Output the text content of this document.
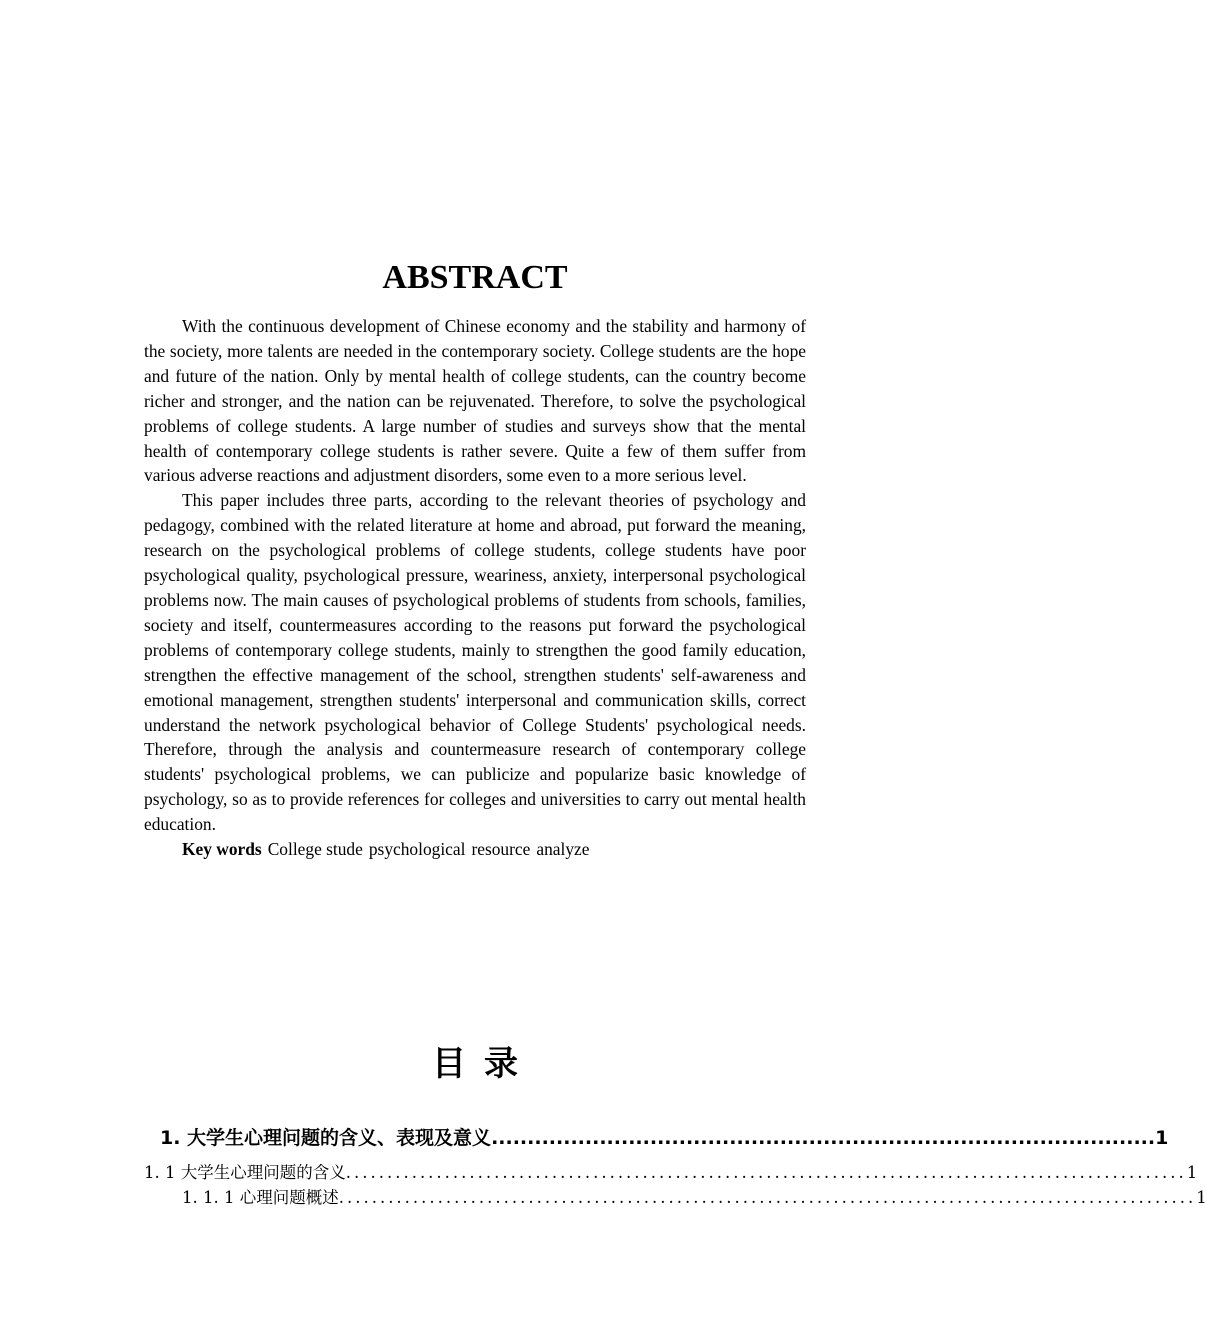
ABSTRACT

With the continuous development of Chinese economy and the stability and harmony of the society, more talents are needed in the contemporary society. College students are the hope and future of the nation. Only by mental health of college students, can the country become richer and stronger, and the nation can be rejuvenated. Therefore, to solve the psychological problems of college students. A large number of studies and surveys show that the mental health of contemporary college students is rather severe. Quite a few of them suffer from various adverse reactions and adjustment disorders, some even to a more serious level.

This paper includes three parts, according to the relevant theories of psychology and pedagogy, combined with the related literature at home and abroad, put forward the meaning, research on the psychological problems of college students, college students have poor psychological quality, psychological pressure, weariness, anxiety, interpersonal psychological problems now. The main causes of psychological problems of students from schools, families, society and itself, countermeasures according to the reasons put forward the psychological problems of contemporary college students, mainly to strengthen the good family education, strengthen the effective management of the school, strengthen students' self-awareness and emotional management, strengthen students' interpersonal and communication skills, correct understand the network psychological behavior of College Students' psychological needs. Therefore, through the analysis and countermeasure research of contemporary college students' psychological problems, we can publicize and popularize basic knowledge of psychology, so as to provide references for colleges and universities to carry out mental health education.

Key words College stude psychological resource analyze

目录
1. 大学生心理问题的含义、表现及意义 ............................................................................................ 1
1. 1 大学生心理问题的含义 ...................................................................................................... 1
1. 1. 1 心理问题概述 ........................................................................................................ 1
